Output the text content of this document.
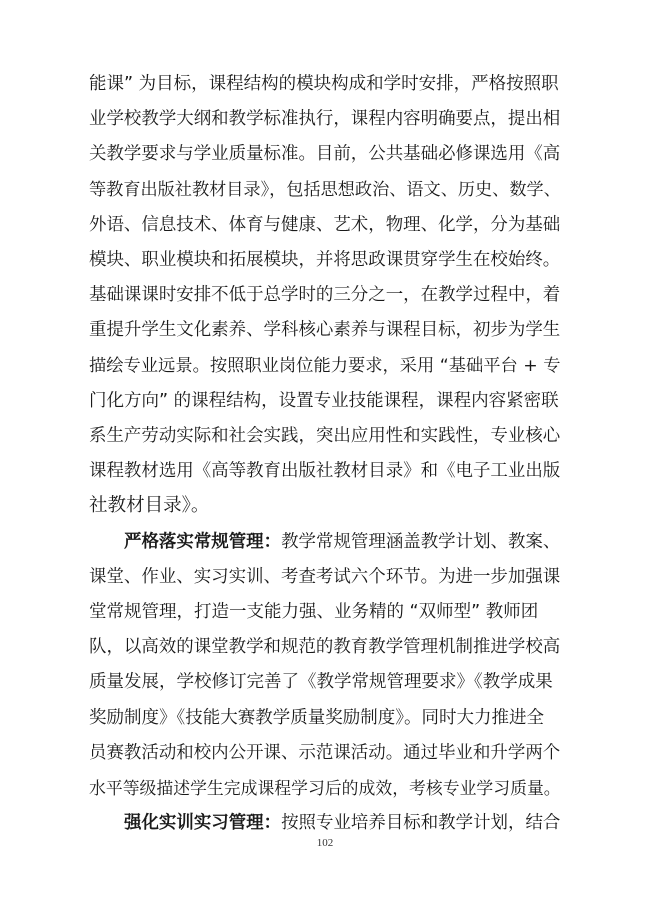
能课” 为目标，课程结构的模块构成和学时安排，严格按照职
业学校教学大纲和教学标准执行，课程内容明确要点，提出相
关教学要求与学业质量标准。目前，公共基础必修课选用《高
等教育出版社教材目录》，包括思想政治、语文、历史、数学、
外语、信息技术、体育与健康、艺术，物理、化学，分为基础
模块、职业模块和拓展模块，并将思政课贯穿学生在校始终。
基础课课时安排不低于总学时的三分之一，在教学过程中，着
重提升学生文化素养、学科核心素养与课程目标，初步为学生
描绘专业远景。按照职业岗位能力要求，采用 “基础平台 + 专
门化方向” 的课程结构，设置专业技能课程，课程内容紧密联
系生产劳动实际和社会实践，突出应用性和实践性，专业核心
课程教材选用《高等教育出版社教材目录》和《电子工业出版
社教材目录》。
严格落实常规管理：教学常规管理涵盖教学计划、教案、
课堂、作业、实习实训、考查考试六个环节。为进一步加强课
堂常规管理，打造一支能力强、业务精的 “双师型” 教师团
队，以高效的课堂教学和规范的教育教学管理机制推进学校高
质量发展，学校修订完善了《教学常规管理要求》《教学成果
奖励制度》《技能大赛教学质量奖励制度》。同时大力推进全
员赛教活动和校内公开课、示范课活动。通过毕业和升学两个
水平等级描述学生完成课程学习后的成效，考核专业学习质量。
强化实训实习管理：按照专业培养目标和教学计划，结合
102
